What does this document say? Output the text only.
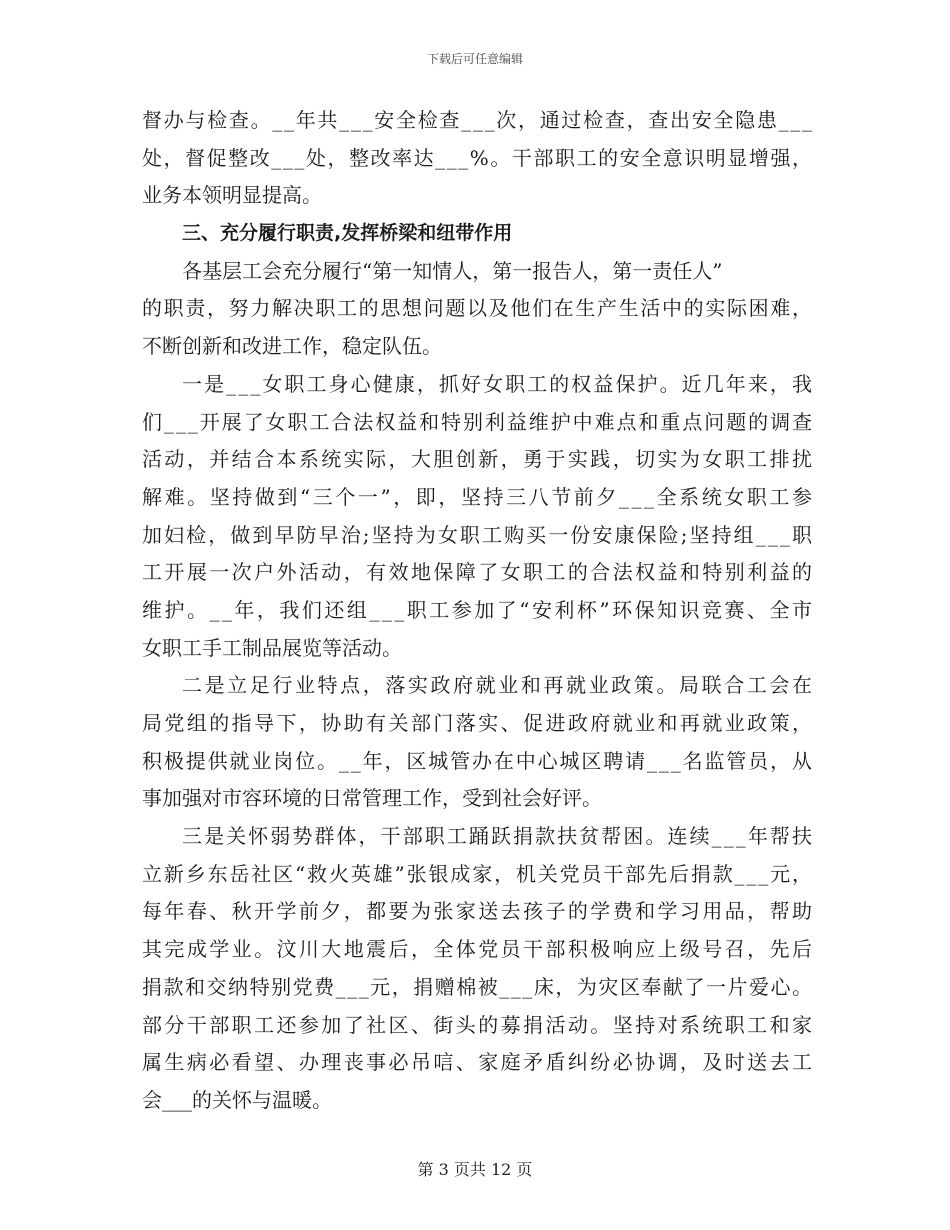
下载后可任意编辑
督办与检查。__年共___安全检查___次，通过检查，查出安全隐患___
处，督促整改___处，整改率达___%。干部职工的安全意识明显增强，
业务本领明显提高。
三、充分履行职责,发挥桥梁和纽带作用
各基层工会充分履行“第一知情人，第一报告人，第一责任人”
的职责，努力解决职工的思想问题以及他们在生产生活中的实际困难，
不断创新和改进工作，稳定队伍。
一是___女职工身心健康，抓好女职工的权益保护。近几年来，我
们___开展了女职工合法权益和特别利益维护中难点和重点问题的调查
活动，并结合本系统实际，大胆创新，勇于实践，切实为女职工排扰
解难。坚持做到“三个一”，即，坚持三八节前夕___全系统女职工参
加妇检，做到早防早治;坚持为女职工购买一份安康保险;坚持组___职
工开展一次户外活动，有效地保障了女职工的合法权益和特别利益的
维护。__年，我们还组___职工参加了“安利杯”环保知识竞赛、全市
女职工手工制品展览等活动。
二是立足行业特点，落实政府就业和再就业政策。局联合工会在
局党组的指导下，协助有关部门落实、促进政府就业和再就业政策，
积极提供就业岗位。__年，区城管办在中心城区聘请___名监管员，从
事加强对市容环境的日常管理工作，受到社会好评。
三是关怀弱势群体，干部职工踊跃捐款扶贫帮困。连续___年帮扶
立新乡东岳社区“救火英雄”张银成家，机关党员干部先后捐款___元，
每年春、秋开学前夕，都要为张家送去孩子的学费和学习用品，帮助
其完成学业。汶川大地震后，全体党员干部积极响应上级号召，先后
捐款和交纳特别党费___元，捐赠棉被___床，为灾区奉献了一片爱心。
部分干部职工还参加了社区、街头的募捐活动。坚持对系统职工和家
属生病必看望、办理丧事必吊唁、家庭矛盾纠纷必协调，及时送去工
会___的关怀与温暖。
第 3 页共 12 页
